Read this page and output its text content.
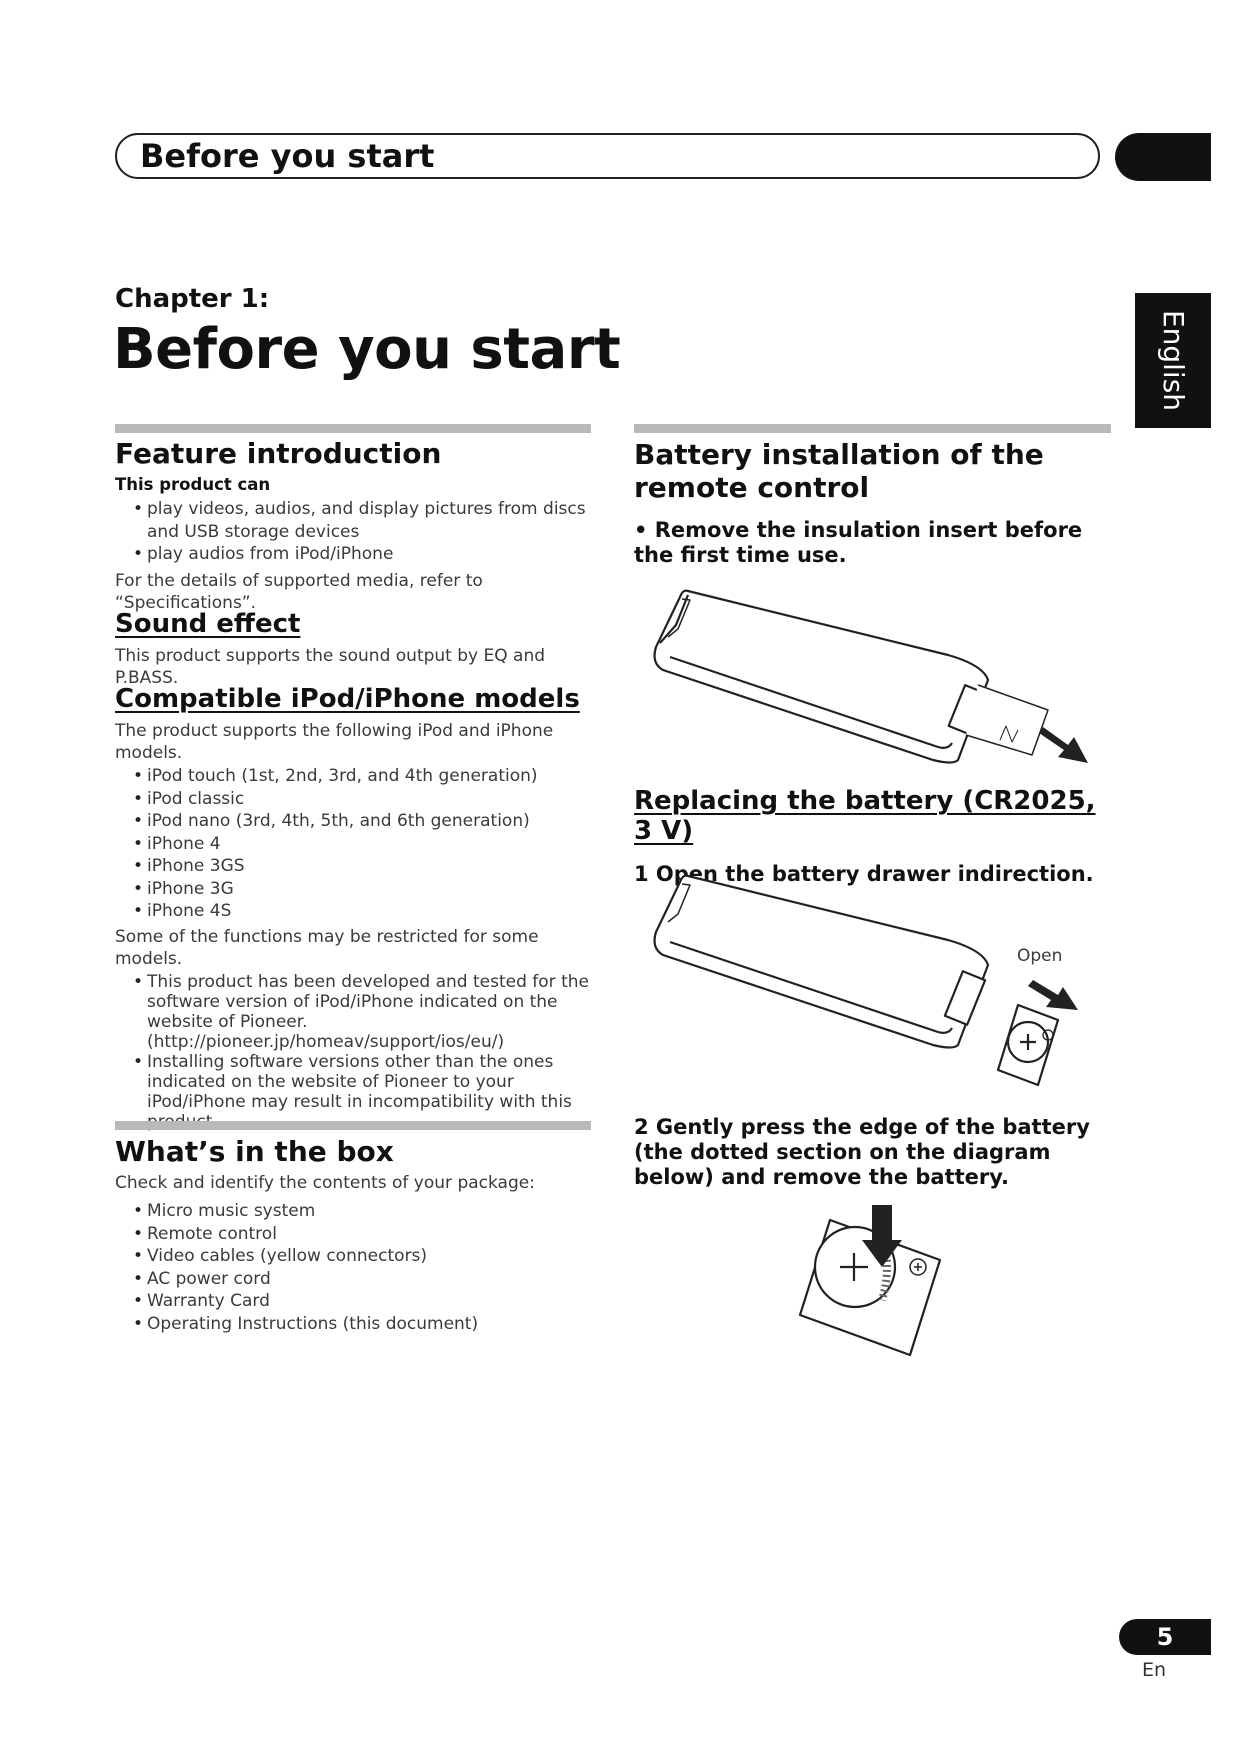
Before you start
Chapter 1:
Before you start	English
Feature introduction
This product can
• play videos, audios, and display pictures from discs and USB storage devices
• play audios from iPod/iPhone
For the details of supported media, refer to “Specifications”.
Sound effect
This product supports the sound output by EQ and P.BASS.
Compatible iPod/iPhone models
The product supports the following iPod and iPhone models.
• iPod touch (1st, 2nd, 3rd, and 4th generation)
• iPod classic
• iPod nano (3rd, 4th, 5th, and 6th generation)
• iPhone 4
• iPhone 3GS
• iPhone 3G
• iPhone 4S
Some of the functions may be restricted for some models.
• This product has been developed and tested for the software version of iPod/iPhone indicated on the website of Pioneer.
(http://pioneer.jp/homeav/support/ios/eu/)
• Installing software versions other than the ones indicated on the website of Pioneer to your iPod/iPhone may result in incompatibility with this
What’s in the box
Check and identify the contents of your package:
• Micro music system
• Remote control
• Video cables (yellow connectors)
• AC power cord
• Warranty Card
• Operating Instructions (this document)
Battery installation of the remote control
• Remove the insulation insert before the first time use.
Replacing the battery (CR2025, 3 V)
1 Open the battery drawer indirection.
Open
2 Gently press the edge of the battery (the dotted section on the diagram below) and remove the battery.
5
En
